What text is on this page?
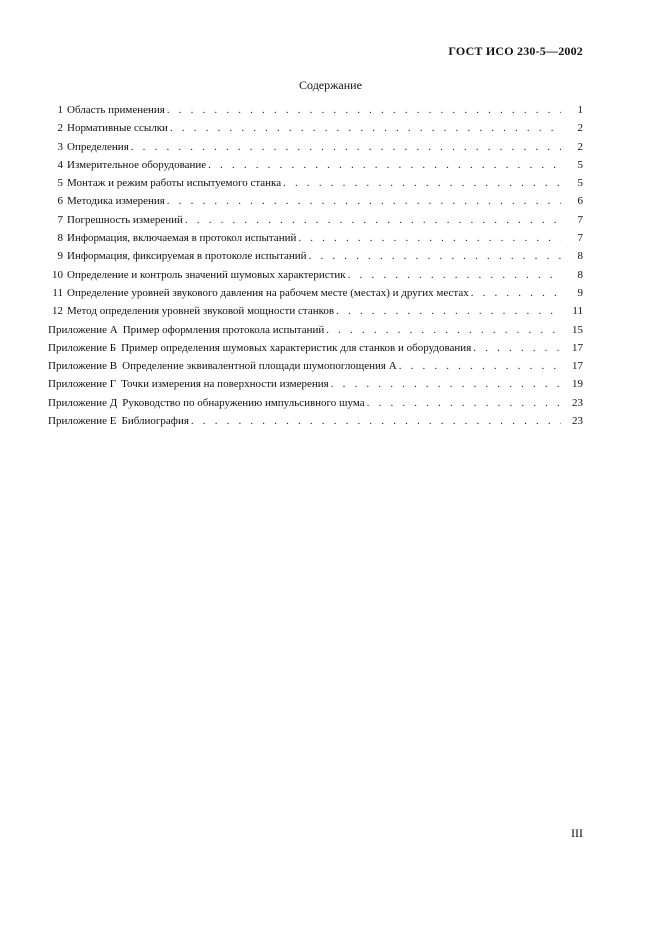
ГОСТ ИСО 230-5—2002
Содержание
1 Область применения . . .	1
2 Нормативные ссылки . . .	2
3 Определения . . .	2
4 Измерительное оборудование . . .	5
5 Монтаж и режим работы испытуемого станка . . .	5
6 Методика измерения . . .	6
7 Погрешность измерений . . .	7
8 Информация, включаемая в протокол испытаний . . .	7
9 Информация, фиксируемая в протоколе испытаний . . .	8
10 Определение и контроль значений шумовых характеристик . . .	8
11 Определение уровней звукового давления на рабочем месте (местах) и других местах . . .	9
12 Метод определения уровней звуковой мощности станков . . .	11
Приложение А Пример оформления протокола испытаний . . .	15
Приложение Б Пример определения шумовых характеристик для станков и оборудования . . .	17
Приложение В Определение эквивалентной площади шумопоглощения А . . .	17
Приложение Г Точки измерения на поверхности измерения . . .	19
Приложение Д Руководство по обнаружению импульсивного шума . . .	23
Приложение Е Библиография . . .	23
III
